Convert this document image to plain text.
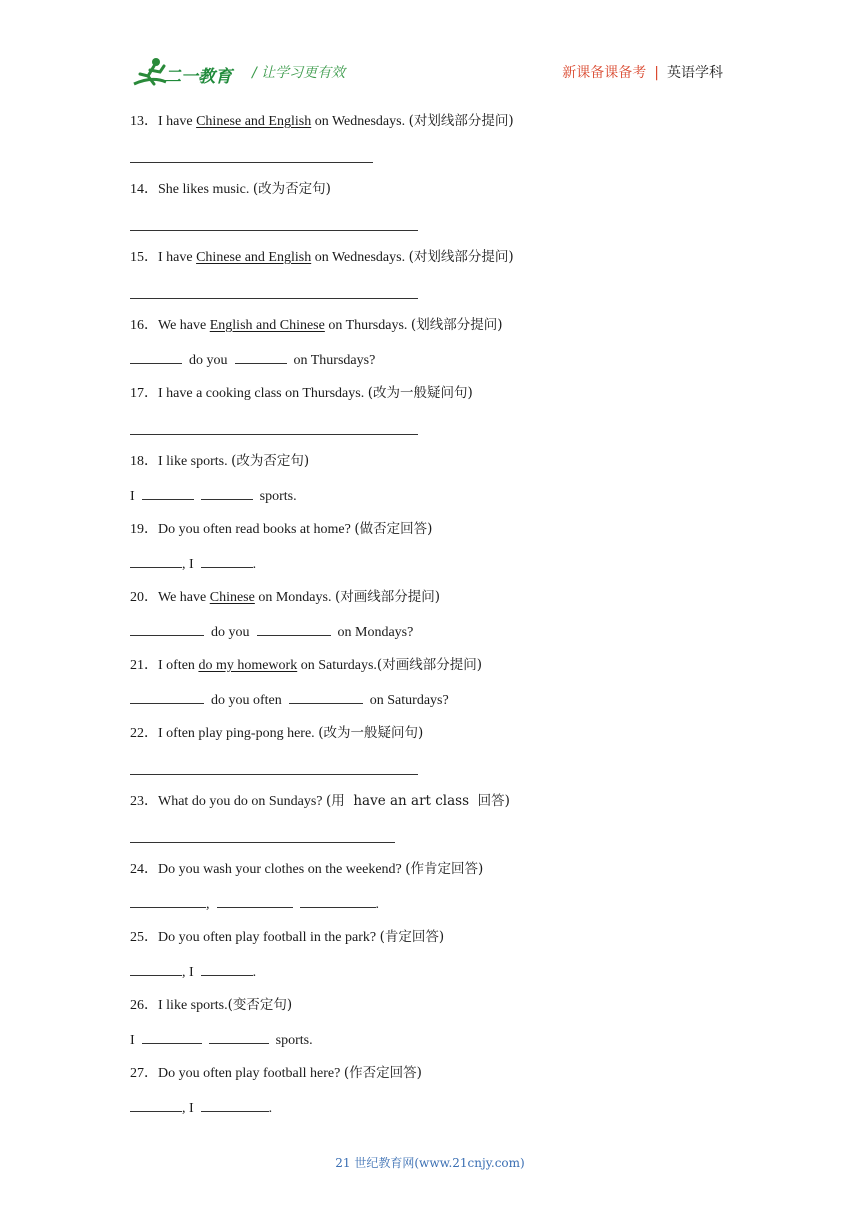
二一教育 / 让学习更有效	新课备课备考 | 英语学科
13．I have Chinese and English on Wednesdays. (对划线部分提问)
14．She likes music. (改为否定句)
15．I have Chinese and English on Wednesdays. (对划线部分提问)
16．We have English and Chinese on Thursdays. (划线部分提问)
do you	on Thursdays?
17．I have a cooking class on Thursdays. (改为一般疑问句)
18．I like sports. (改为否定句)
I	sports.
19．Do you often read books at home? (做否定回答)
, I	.
20．We have Chinese on Mondays. (对画线部分提问)
do you	on Mondays?
21．I often do my homework on Saturdays.(对画线部分提问)
do you often	on Saturdays?
22．I often play ping-pong here. (改为一般疑问句)
23．What do you do on Sundays? (用  have an art class  回答)
24．Do you wash your clothes on the weekend? (作肯定回答)
,	.
25．Do you often play football in the park? (肯定回答)
, I	.
26．I like sports.(变否定句)
I	sports.
27．Do you often play football here? (作否定回答)
, I	.
21 世纪教育网(www.21cnjy.com)
